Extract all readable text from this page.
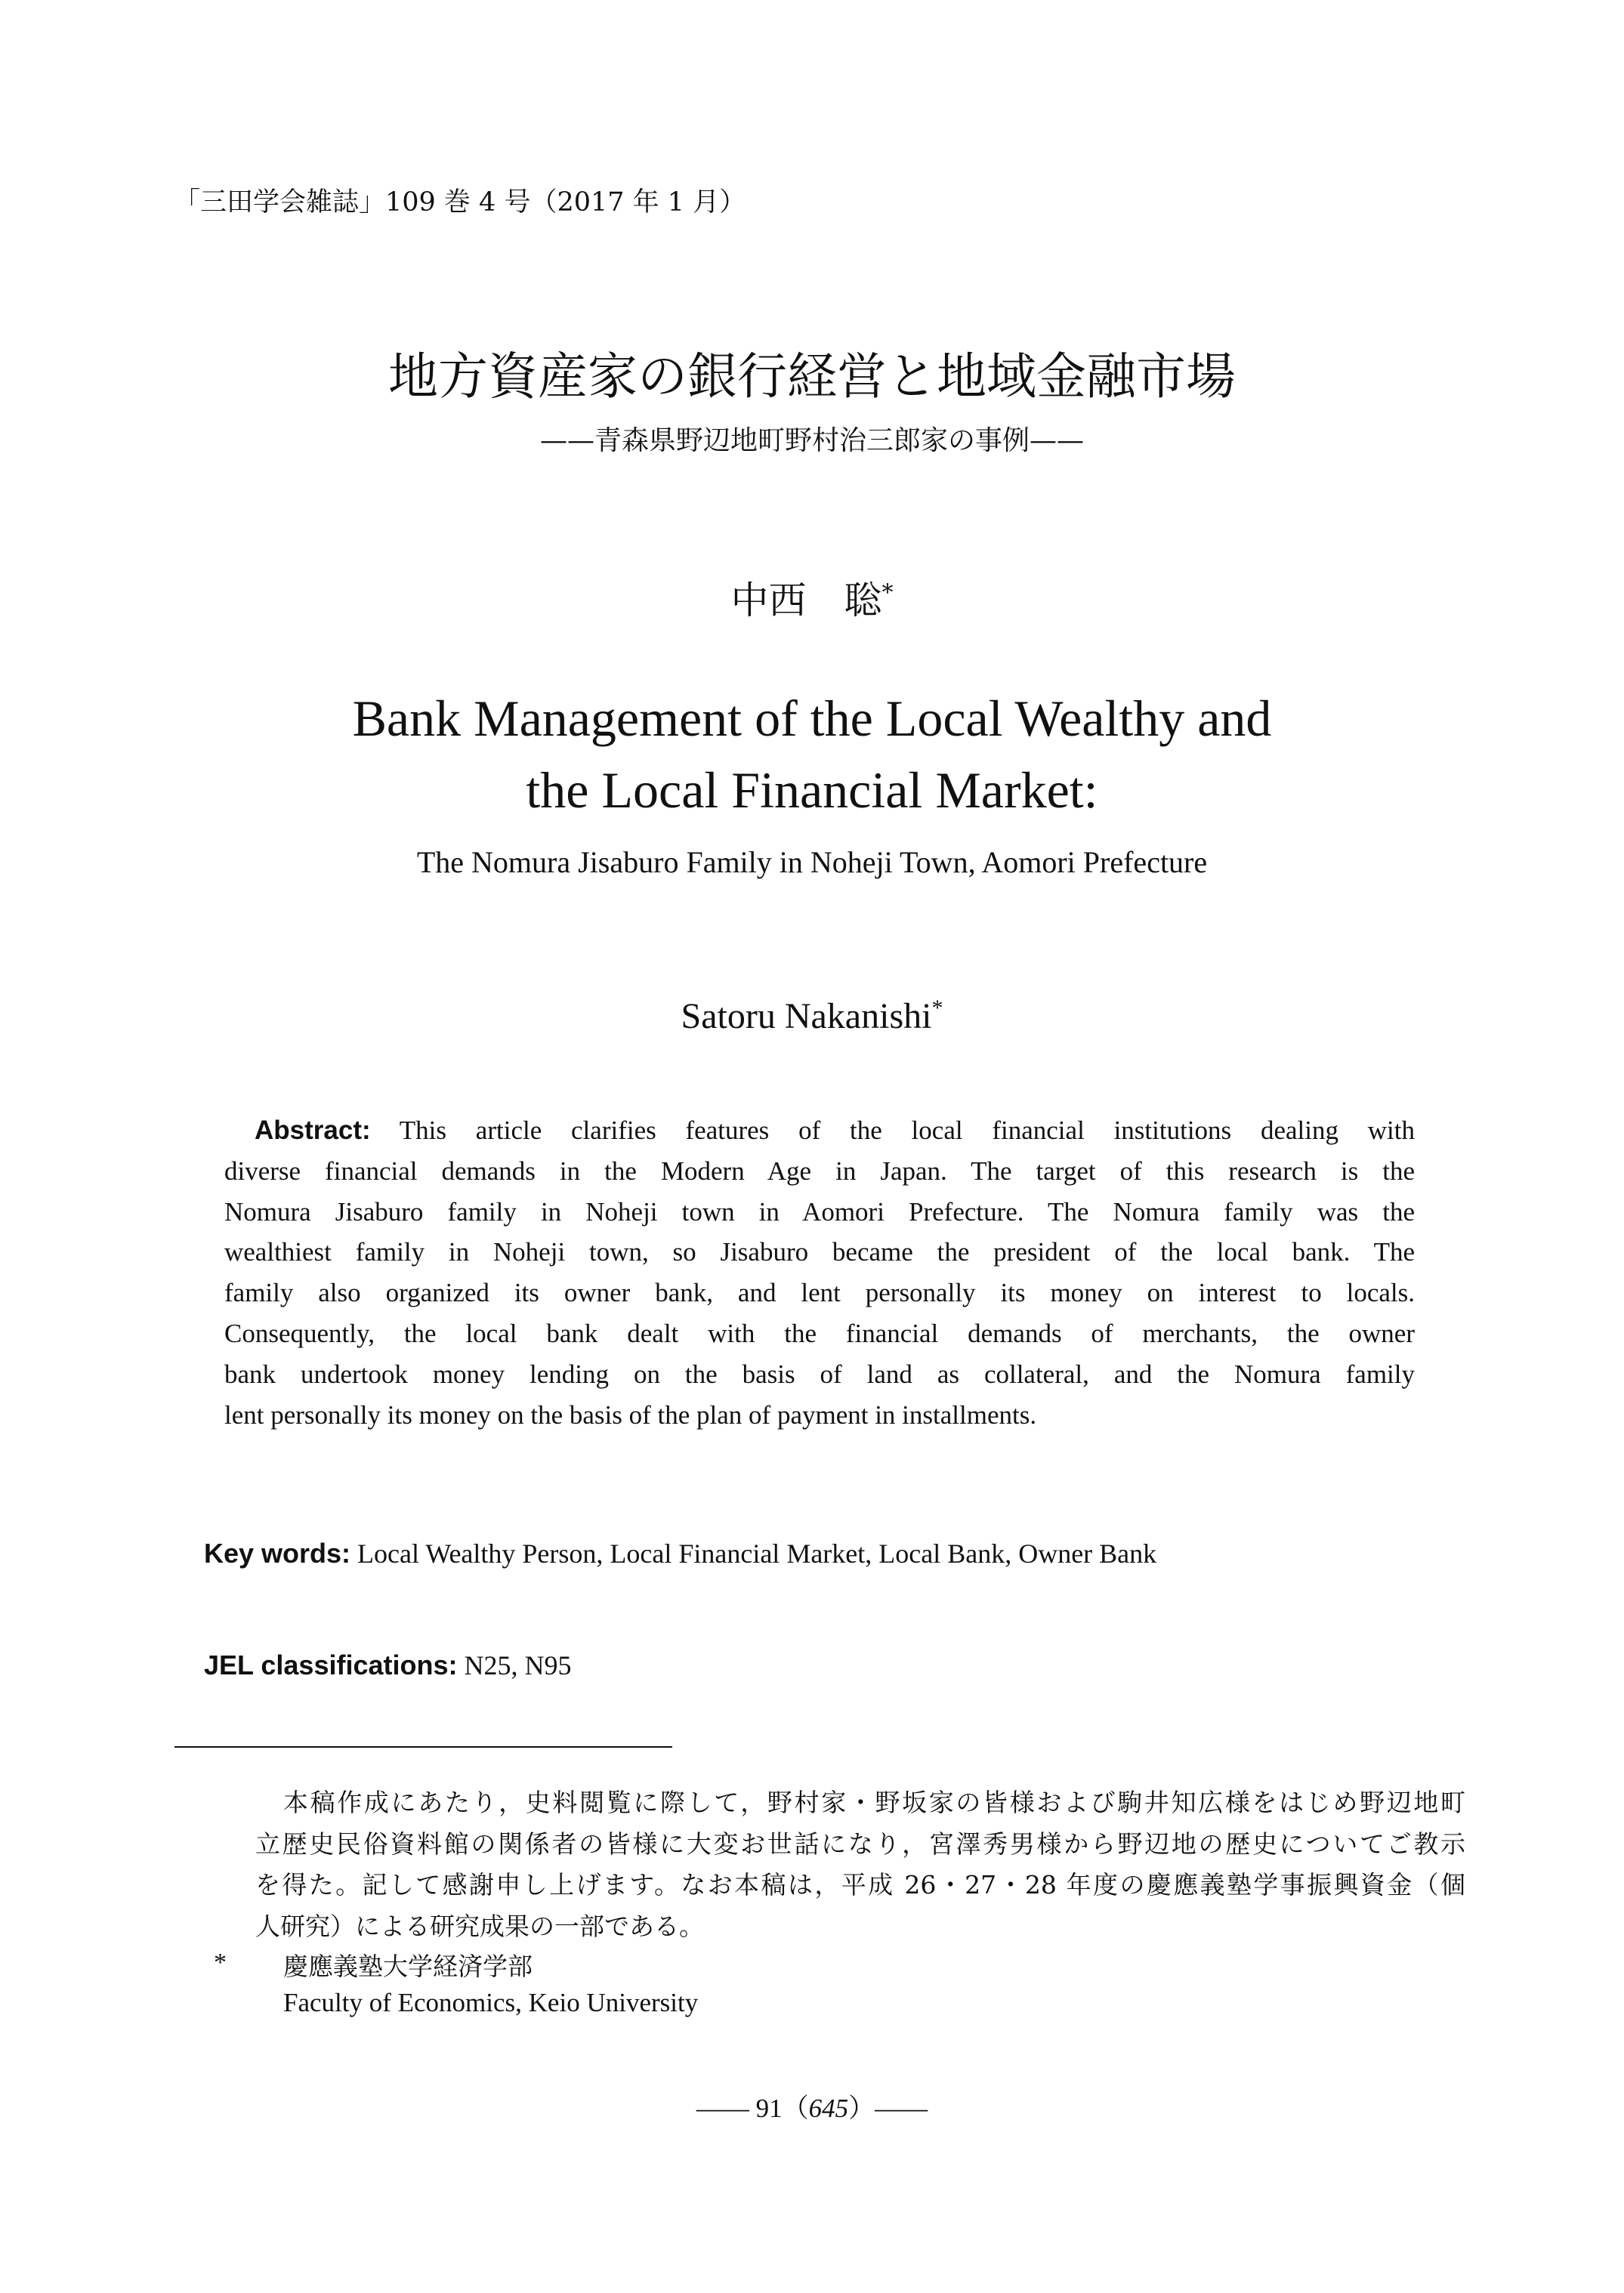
「三田学会雑誌」109 巻 4 号（2017 年 1 月）
地方資産家の銀行経営と地域金融市場
——青森県野辺地町野村治三郎家の事例——
中西　聡*
Bank Management of the Local Wealthy and
the Local Financial Market:
The Nomura Jisaburo Family in Noheji Town, Aomori Prefecture
Satoru Nakanishi*
Abstract: This article clarifies features of the local financial institutions dealing with
diverse financial demands in the Modern Age in Japan. The target of this research is the
Nomura Jisaburo family in Noheji town in Aomori Prefecture. The Nomura family was the
wealthiest family in Noheji town, so Jisaburo became the president of the local bank. The
family also organized its owner bank, and lent personally its money on interest to locals.
Consequently, the local bank dealt with the financial demands of merchants, the owner
bank undertook money lending on the basis of land as collateral, and the Nomura family
lent personally its money on the basis of the plan of payment in installments.
Key words: Local Wealthy Person, Local Financial Market, Local Bank, Owner Bank
JEL classifications: N25, N95
本稿作成にあたり，史料閲覧に際して，野村家・野坂家の皆様および駒井知広様をはじめ野辺地町
立歴史民俗資料館の関係者の皆様に大変お世話になり，宮澤秀男様から野辺地の歴史についてご教示
を得た。記して感謝申し上げます。なお本稿は，平成 26・27・28 年度の慶應義塾学事振興資金（個
人研究）による研究成果の一部である。
* 慶應義塾大学経済学部
Faculty of Economics, Keio University
—— 91（645）——
